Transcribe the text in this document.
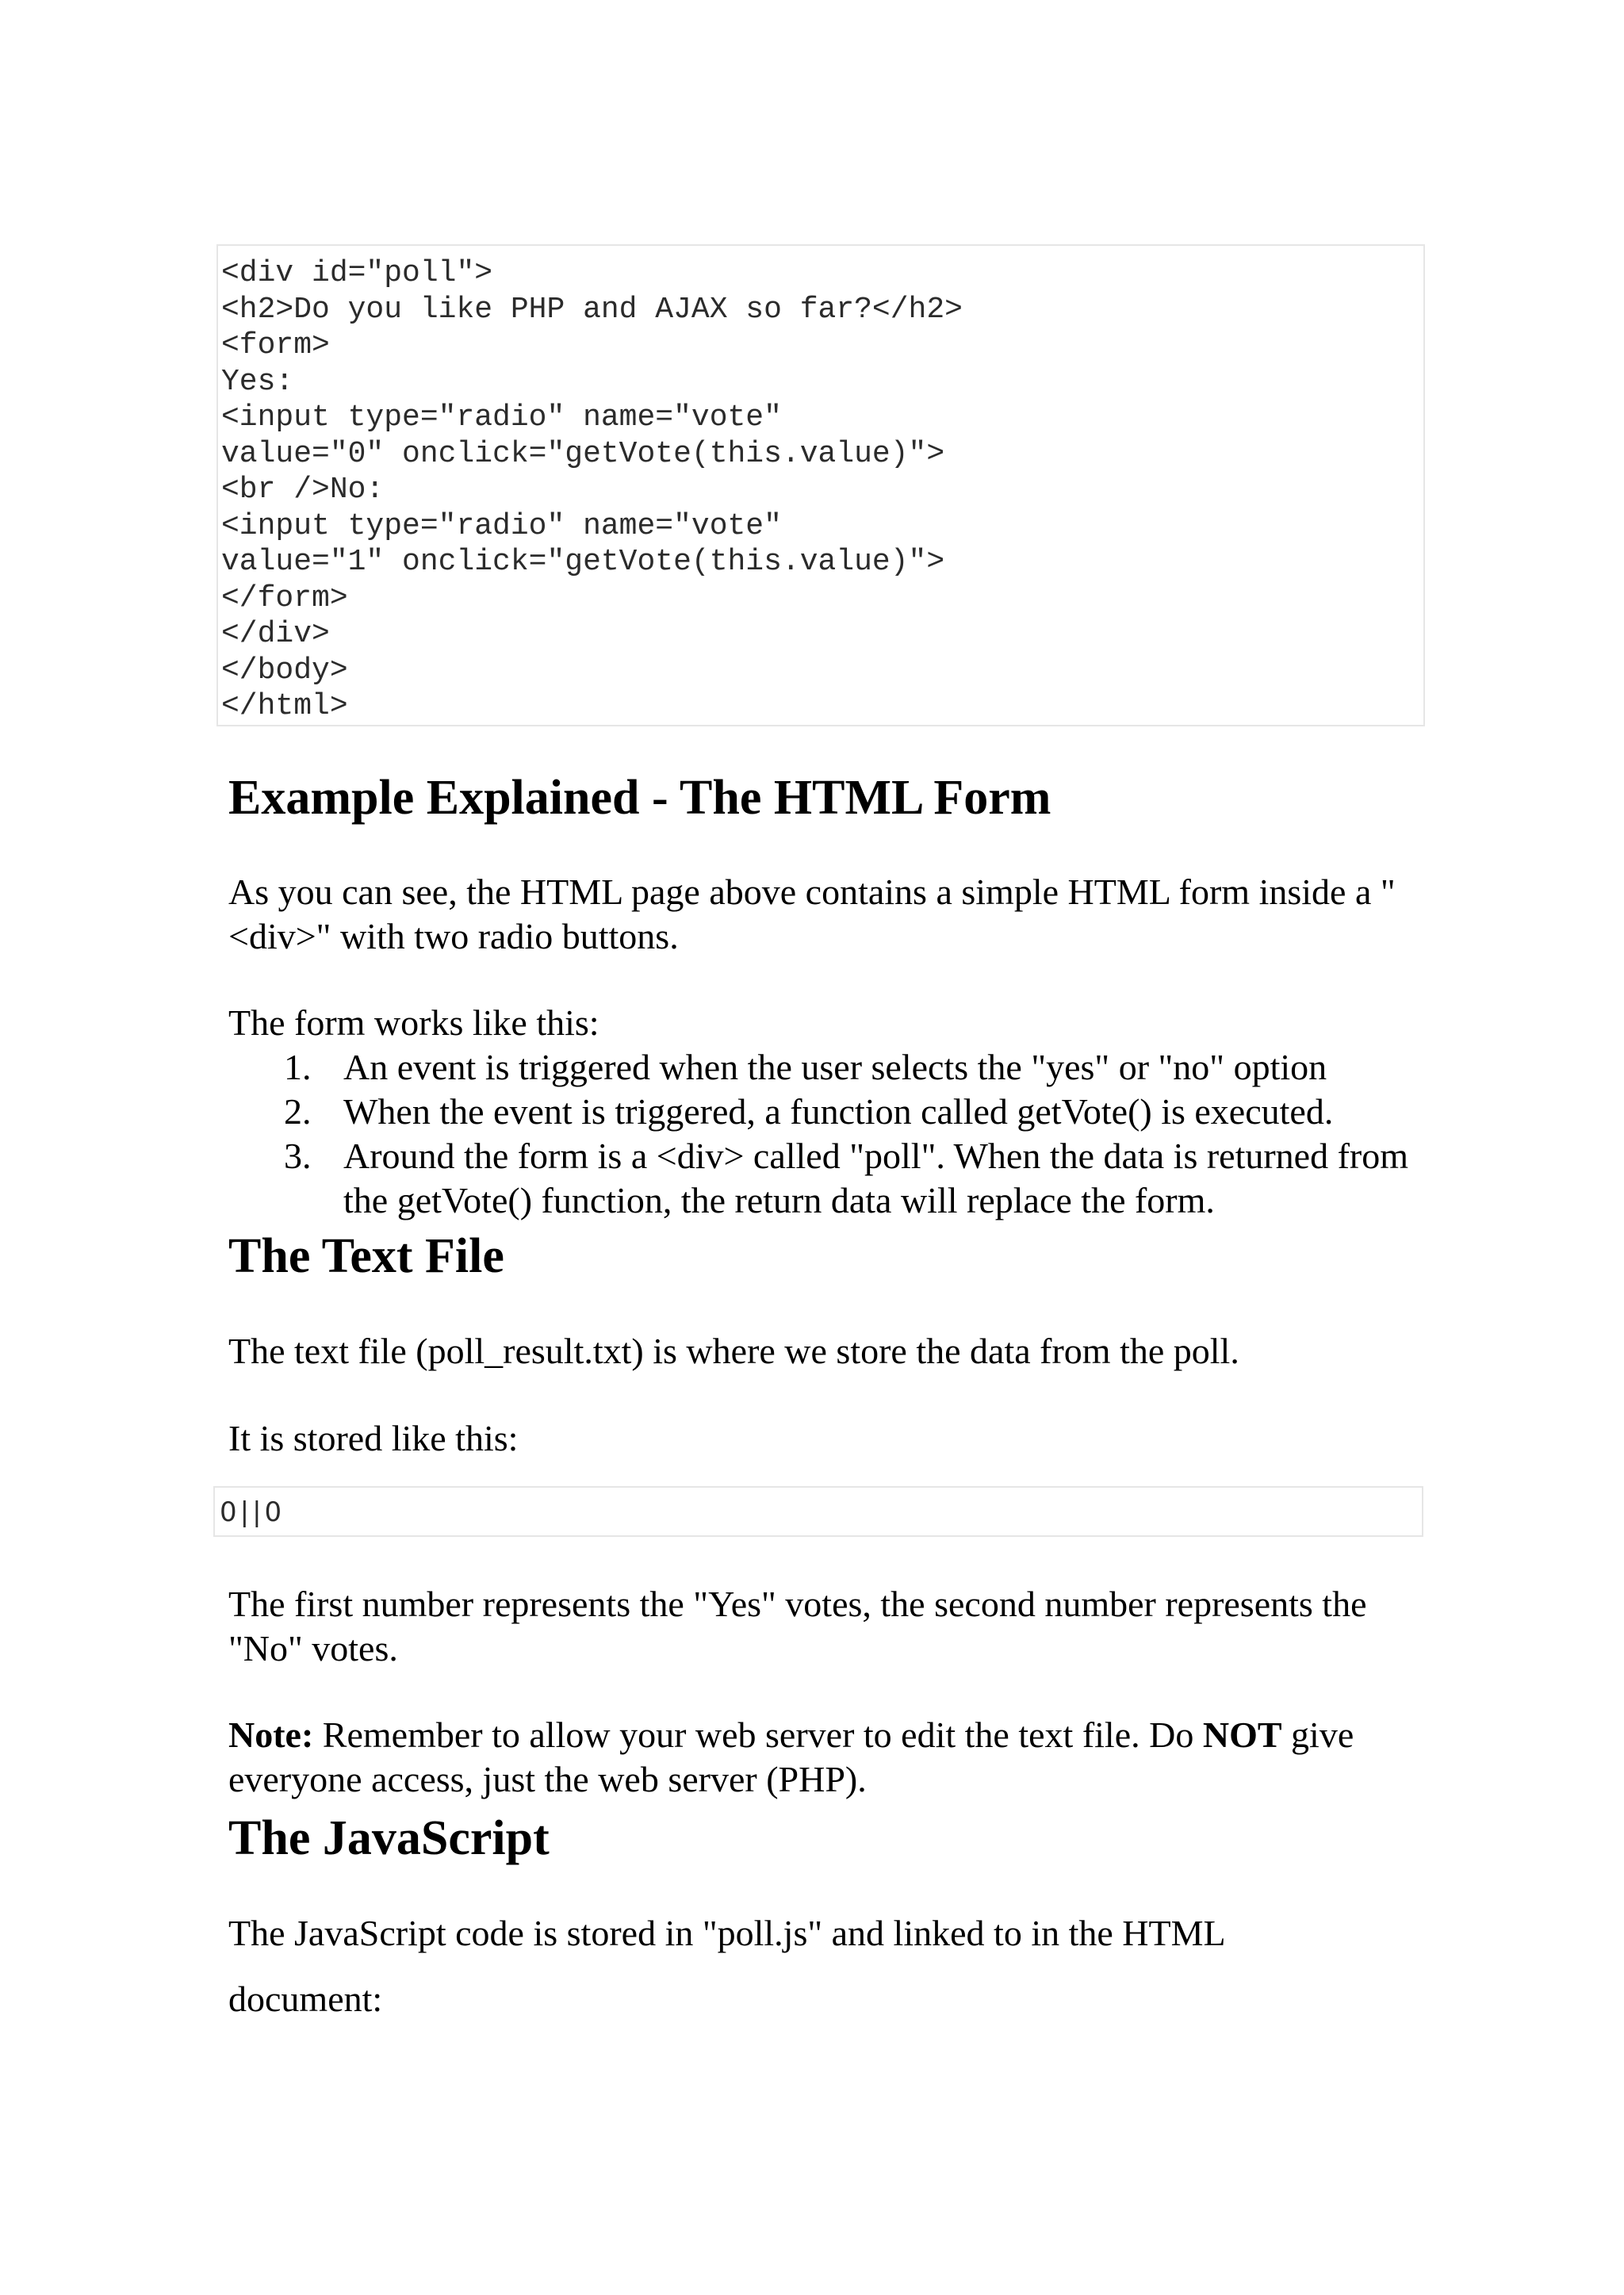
<div id="poll">
<h2>Do you like PHP and AJAX so far?</h2>
<form>
Yes:
<input type="radio" name="vote"
value="0" onclick="getVote(this.value)">
<br />No:
<input type="radio" name="vote"
value="1" onclick="getVote(this.value)">
</form>
</div>
</body>
</html>
Example Explained - The HTML Form

As you can see, the HTML page above contains a simple HTML form inside a "<div>" with two radio buttons.

The form works like this:

1. An event is triggered when the user selects the "yes" or "no" option
2. When the event is triggered, a function called getVote() is executed.
3. Around the form is a <div> called "poll". When the data is returned from the getVote() function, the return data will replace the form.
The Text File

The text file (poll_result.txt) is where we store the data from the poll.

It is stored like this:

0||0

The first number represents the "Yes" votes, the second number represents the "No" votes.

Note: Remember to allow your web server to edit the text file. Do NOT give everyone access, just the web server (PHP).

The JavaScript

The JavaScript code is stored in "poll.js" and linked to in the HTML

document:
